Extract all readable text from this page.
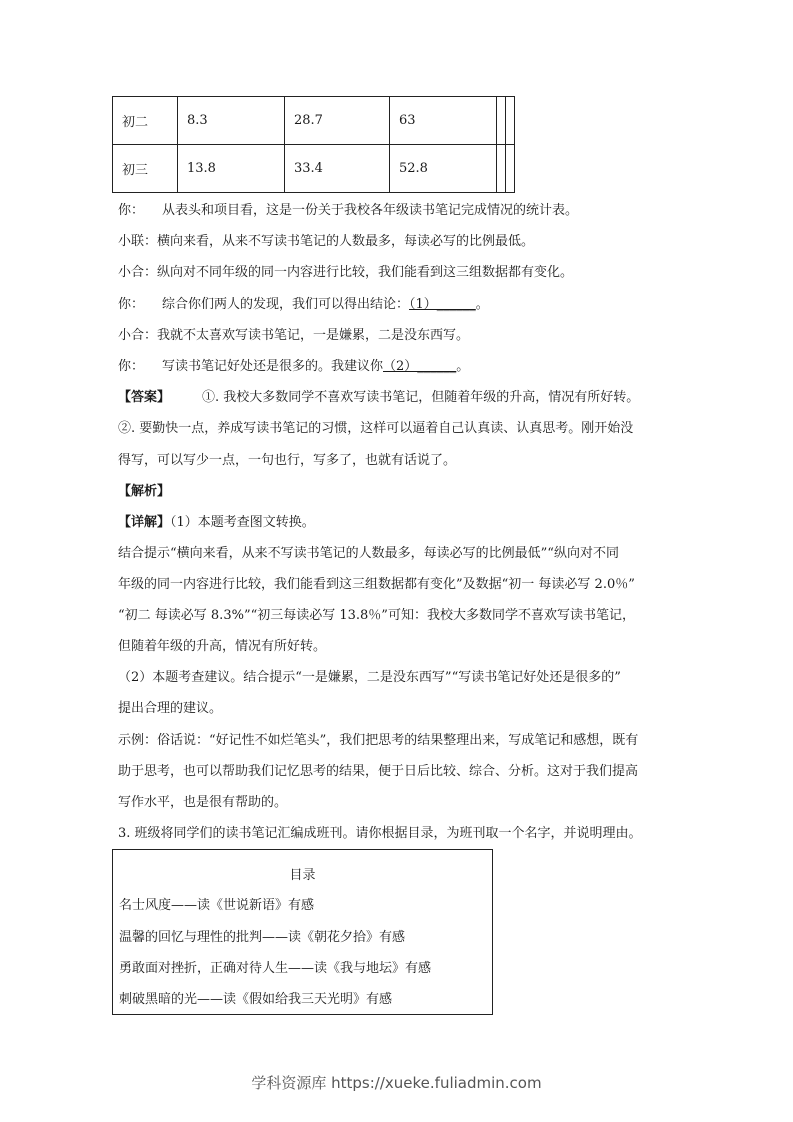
初二	8.3	28.7	63		
初三	13.8	33.4	52.8		
你： 从表头和项目看，这是一份关于我校各年级读书笔记完成情况的统计表。
小联：横向来看，从来不写读书笔记的人数最多，每读必写的比例最低。
小合：纵向对不同年级的同一内容进行比较，我们能看到这三组数据都有变化。
你： 综合你们两人的发现，我们可以得出结论：（1）______。
小合：我就不太喜欢写读书笔记，一是嫌累，二是没东西写。
你： 写读书笔记好处还是很多的。我建议你（2）______。
【答案】 ①. 我校大多数同学不喜欢写读书笔记，但随着年级的升高，情况有所好转。
②. 要勤快一点，养成写读书笔记的习惯，这样可以逼着自己认真读、认真思考。刚开始没
得写，可以写少一点，一句也行，写多了，也就有话说了。
【解析】
【详解】（1）本题考查图文转换。
结合提示“横向来看，从来不写读书笔记的人数最多，每读必写的比例最低”“纵向对不同
年级的同一内容进行比较，我们能看到这三组数据都有变化”及数据“初一 每读必写 2.0％”
“初二 每读必写 8.3%”“初三每读必写 13.8％”可知：我校大多数同学不喜欢写读书笔记，
但随着年级的升高，情况有所好转。
（2）本题考查建议。结合提示“一是嫌累，二是没东西写”“写读书笔记好处还是很多的”
提出合理的建议。
示例：俗话说：“好记性不如烂笔头”，我们把思考的结果整理出来，写成笔记和感想，既有
助于思考，也可以帮助我们记忆思考的结果，便于日后比较、综合、分析。这对于我们提高
写作水平，也是很有帮助的。
3. 班级将同学们的读书笔记汇编成班刊。请你根据目录，为班刊取一个名字，并说明理由。
目录
名士风度——读《世说新语》有感
温馨的回忆与理性的批判——读《朝花夕拾》有感
勇敢面对挫折，正确对待人生——读《我与地坛》有感
刺破黑暗的光——读《假如给我三天光明》有感
学科资源库 https://xueke.fuliadmin.com
